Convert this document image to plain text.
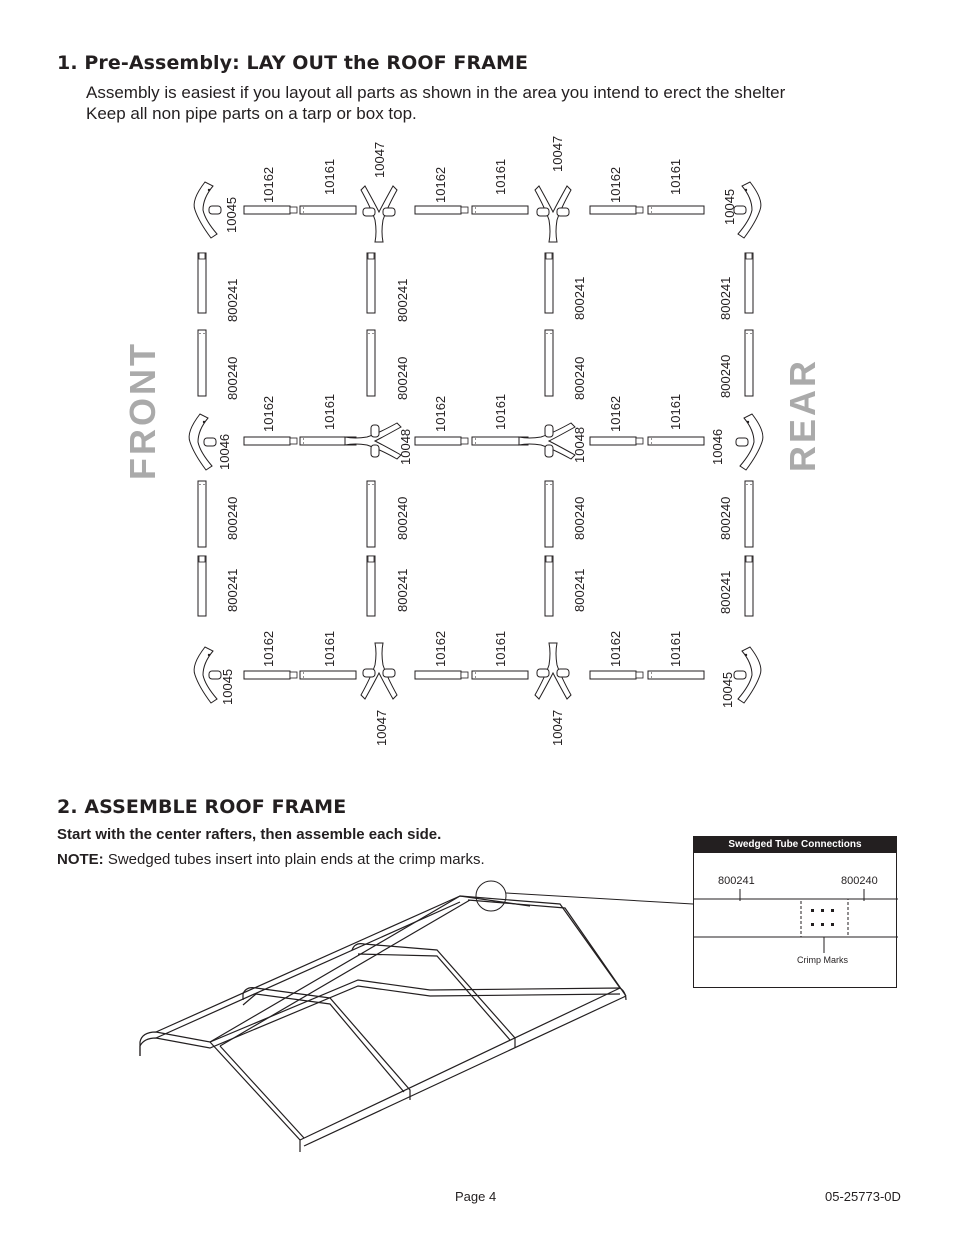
1. Pre-Assembly: LAY OUT the ROOF FRAME
Assembly is easiest if you layout all parts as shown in the area you intend to erect the shelter
Keep all non pipe parts on a tarp or box top.
FRONT	REAR
10045
10162	10161	10047
10162	10161
10047
10162	10161
10045
800241
800240
800241
800240
800241
800240
800241
800240
10046
10162	10161
10048
10162	10161
10048
10162	10161
10046
800240
800241
800240
800241
800240
800241
800240
800241
10045
10162	10161
10047
10162	10161
10047
10162	10161
10045
2. ASSEMBLE ROOF FRAME
Start with the center rafters, then assemble each side.
NOTE: Swedged tubes insert into plain ends at the crimp marks.
Swedged Tube Connections
800241	800240
Crimp Marks
Page 4	05-25773-0D
